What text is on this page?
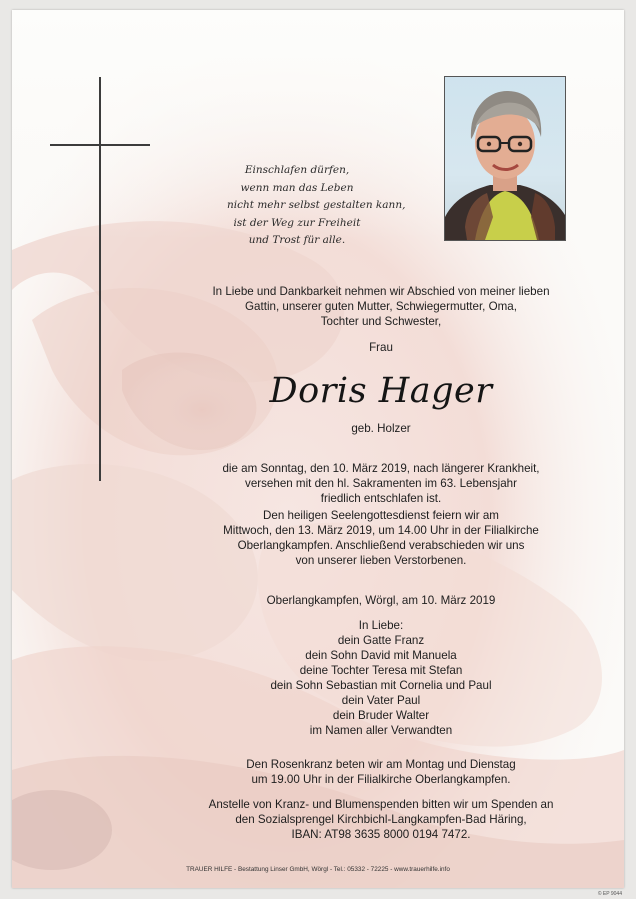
Einschlafen dürfen,
wenn man das Leben
nicht mehr selbst gestalten kann,
ist der Weg zur Freiheit
und Trost für alle.
In Liebe und Dankbarkeit nehmen wir Abschied von meiner lieben
Gattin, unserer guten Mutter, Schwiegermutter, Oma,
Tochter und Schwester,
Frau
Doris Hager
geb. Holzer
die am Sonntag, den 10. März 2019, nach längerer Krankheit,
versehen mit den hl. Sakramenten im 63. Lebensjahr
friedlich entschlafen ist.
Den heiligen Seelengottesdienst feiern wir am
Mittwoch, den 13. März 2019, um 14.00 Uhr in der Filialkirche
Oberlangkampfen. Anschließend verabschieden wir uns
von unserer lieben Verstorbenen.
Oberlangkampfen, Wörgl, am 10. März 2019
In Liebe:
dein Gatte Franz
dein Sohn David mit Manuela
deine Tochter Teresa mit Stefan
dein Sohn Sebastian mit Cornelia und Paul
dein Vater Paul
dein Bruder Walter
im Namen aller Verwandten
Den Rosenkranz beten wir am Montag und Dienstag
um 19.00 Uhr in der Filialkirche Oberlangkampfen.
Anstelle von Kranz- und Blumenspenden bitten wir um Spenden an
den Sozialsprengel Kirchbichl-Langkampfen-Bad Häring,
IBAN: AT98 3635 8000 0194 7472.
TRAUER HILFE - Bestattung Linser GmbH, Wörgl - Tel.: 05332 - 72225 - www.trauerhilfe.info
© EP 9044
